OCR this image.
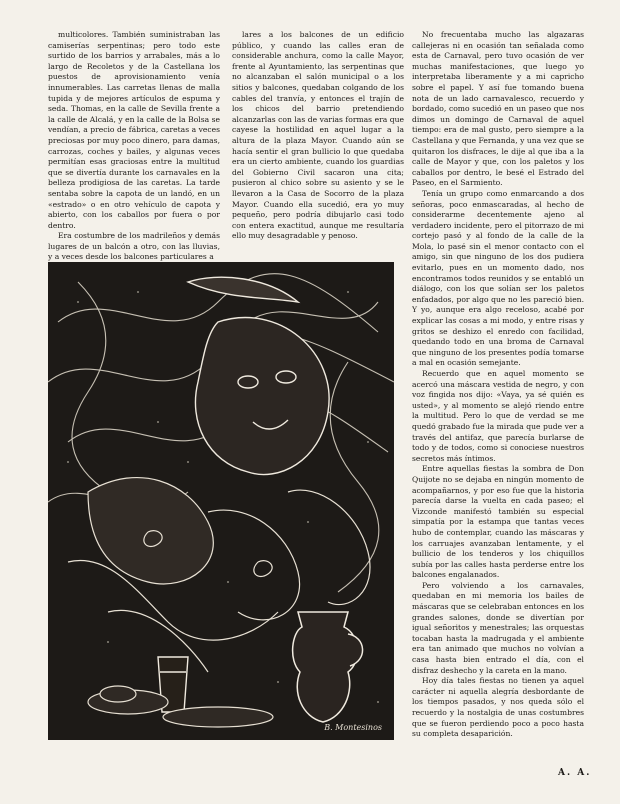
multicolores. También suministraban las camiserías serpentinas; pero todo este surtido de los barrios y arrabales, más a lo largo de Recoletos y de la Castellana los puestos de aprovisionamiento venía innumerables. Las carretas llenas de malla tupida y de mejores artículos de espuma y seda. Thomas, en la calle de Sevilla frente a la calle de Alcalá, y en la calle de la Bolsa se vendían, a precio de fábrica, caretas a veces preciosas por muy poco dinero, para damas, carrozas, coches y bailes, y algunas veces permitían esas graciosas entre la multitud que se divertía durante los carnavales en la belleza prodigiosa de las caretas. La tarde sentaba sobre la capota de un landó, en un «estrado» o en otro vehículo de capota y abierto, con los caballos por fuera o por dentro.

Era costumbre de los madrileños y demás lugares de un balcón a otro, con las lluvias, y a veces desde los balcones particulares a

lares a los balcones de un edificio público, y cuando las calles eran de considerable anchura, como la calle Mayor, frente al Ayuntamiento, las serpentinas que no alcanzaban el salón municipal o a los sitios y balcones, quedaban colgando de los cables del tranvía, y entonces el trajín de los chicos del barrio pretendiendo alcanzarlas con las de varias formas era que cayese la hostilidad en aquel lugar a la altura de la plaza Mayor. Cuando aún se hacía sentir el gran bullicio lo que quedaba era un cierto ambiente, cuando los guardias del Gobierno Civil sacaron una cita; pusieron al chico sobre su asiento y se le llevaron a la Casa de Socorro de la plaza Mayor. Cuando ella sucedió, era yo muy pequeño, pero podría dibujarlo casi todo con entera exactitud, aunque me resultaría ello muy desagradable y penoso.

No frecuentaba mucho las algazaras callejeras ni en ocasión tan señalada como esta de Carnaval, pero tuvo ocasión de ver muchas manifestaciones, que luego yo interpretaba liberamente y a mi capricho sobre el papel. Y así fue tomando buena nota de un lado carnavalesco, recuerdo y bordado, como sucedió en un paseo que nos dimos un domingo de Carnaval de aquel tiempo: era de mal gusto, pero siempre a la Castellana y que Fernanda, y una vez que se quitaron los disfraces, le dije al que iba a la calle de Mayor y que, con los paletos y los caballos por dentro, le besé el Estrado del Paseo, en el Sarmiento.

Tenía un grupo como enmarcando a dos señoras, poco enmascaradas, al hecho de considerarme decentemente ajeno al verdadero incidente, pero el pitorrazo de mi cortejo pasó y al fondo de la calle de la Mola, lo pasé sin el menor contacto con el amigo, sin que ninguno de los dos pudiera evitarlo, pues en un momento dado, nos encontramos todos reunidos y se entabló un diálogo, con los que solían ser los paletos enfadados, por algo que no les pareció bien. Y yo, aunque era algo receloso, acabé por explicar las cosas a mi modo, y entre risas y gritos se deshizo el enredo con facilidad, quedando todo en una broma de Carnaval que ninguno de los presentes podía tomarse a mal en ocasión semejante.

Recuerdo que en aquel momento se acercó una máscara vestida de negro, y con voz fingida nos dijo: «Vaya, ya sé quién es usted», y al momento se alejó riendo entre la multitud. Pero lo que de verdad se me quedó grabado fue la mirada que pude ver a través del antifaz, que parecía burlarse de todo y de todos, como si conociese nuestros secretos más íntimos.

Entre aquellas fiestas la sombra de Don Quijote no se dejaba en ningún momento de acompañarnos, y por eso fue que la historia parecía darse la vuelta en cada paseo; el Vizconde manifestó también su especial simpatía por la estampa que tantas veces hubo de contemplar, cuando las máscaras y los carruajes avanzaban lentamente, y el bullicio de los tenderos y los chiquillos subía por las calles hasta perderse entre los balcones engalanados.

Pero volviendo a los carnavales, quedaban en mi memoria los bailes de máscaras que se celebraban entonces en los grandes salones, donde se divertían por igual señoritos y menestrales; las orquestas tocaban hasta la madrugada y el ambiente era tan animado que muchos no volvían a casa hasta bien entrado el día, con el disfraz deshecho y la careta en la mano.

Hoy día tales fiestas no tienen ya aquel carácter ni aquella alegría desbordante de los tiempos pasados, y nos queda sólo el recuerdo y la nostalgia de unas costumbres que se fueron perdiendo poco a poco hasta su completa desaparición.

B. Montesinos
A. A.
